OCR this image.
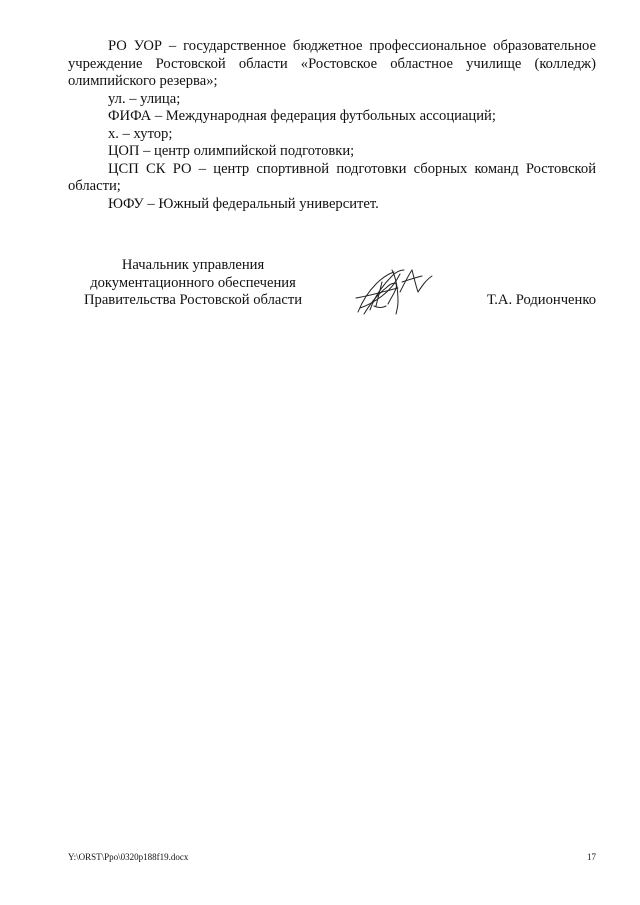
РО УОР – государственное бюджетное профессиональное образовательное учреждение Ростовской области «Ростовское областное училище (колледж) олимпийского резерва»;

ул. – улица;

ФИФА – Международная федерация футбольных ассоциаций;

х. – хутор;

ЦОП – центр олимпийской подготовки;

ЦСП СК РО – центр спортивной подготовки сборных команд Ростовской области;

ЮФУ – Южный федеральный университет.

Начальник управления
документационного обеспечения
Правительства Ростовской области	Т.А. Родионченко
Y:\ORST\Ppo\0320p188f19.docx	17
